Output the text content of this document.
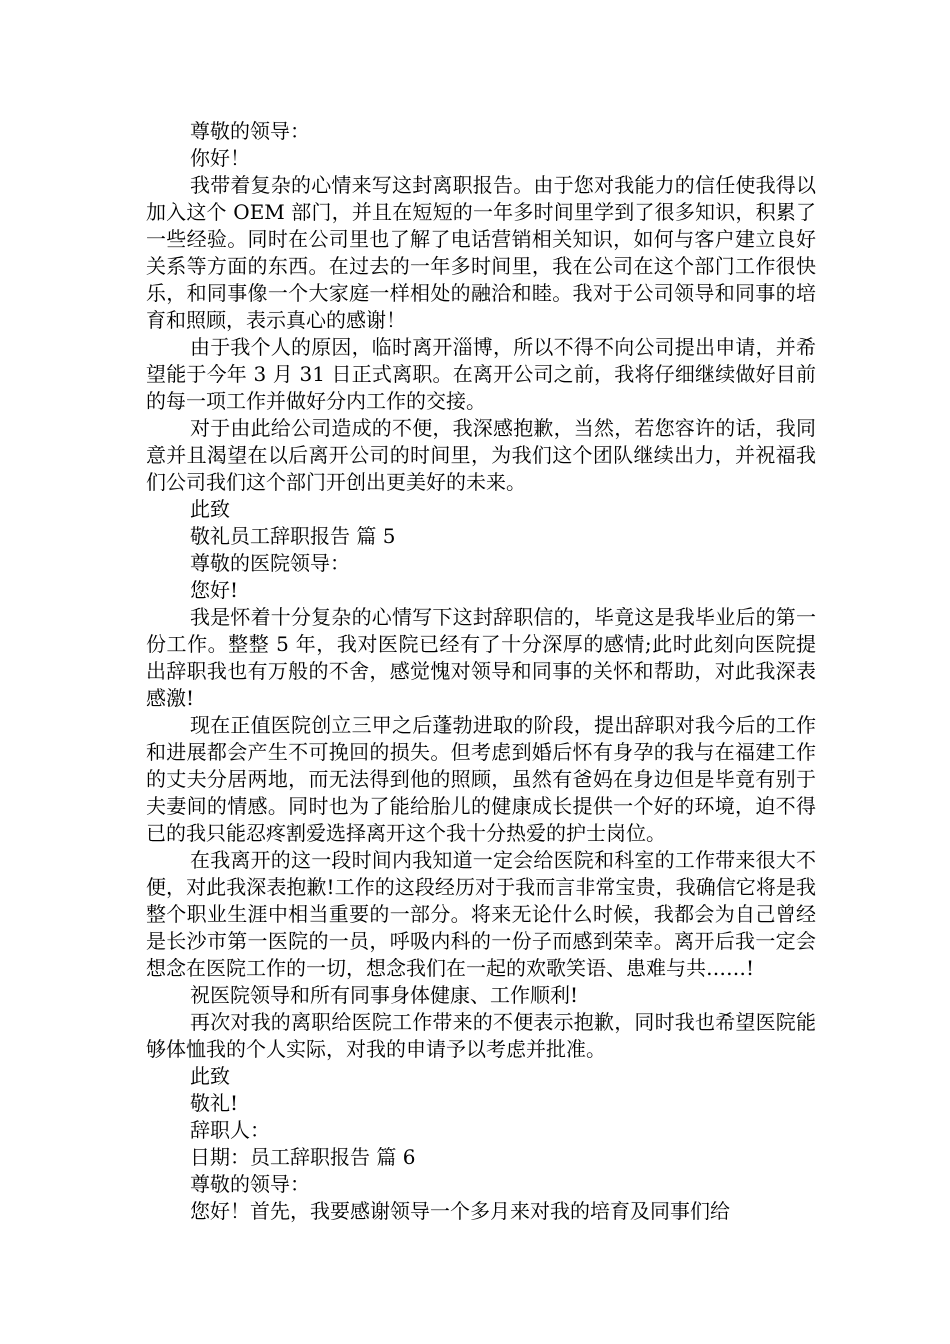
尊敬的领导：

你好！

我带着复杂的心情来写这封离职报告。由于您对我能力的信任使我得以加入这个 OEM 部门，并且在短短的一年多时间里学到了很多知识，积累了一些经验。同时在公司里也了解了电话营销相关知识，如何与客户建立良好关系等方面的东西。在过去的一年多时间里，我在公司在这个部门工作很快乐，和同事像一个大家庭一样相处的融洽和睦。我对于公司领导和同事的培育和照顾，表示真心的感谢！

由于我个人的原因，临时离开淄博，所以不得不向公司提出申请，并希望能于今年 3 月 31 日正式离职。在离开公司之前，我将仔细继续做好目前的每一项工作并做好分内工作的交接。

对于由此给公司造成的不便，我深感抱歉，当然，若您容许的话，我同意并且渴望在以后离开公司的时间里，为我们这个团队继续出力，并祝福我们公司我们这个部门开创出更美好的未来。

此致

敬礼员工辞职报告 篇 5

尊敬的医院领导：

您好!

我是怀着十分复杂的心情写下这封辞职信的，毕竟这是我毕业后的第一份工作。整整 5 年，我对医院已经有了十分深厚的感情;此时此刻向医院提出辞职我也有万般的不舍，感觉愧对领导和同事的关怀和帮助，对此我深表感激!

现在正值医院创立三甲之后蓬勃进取的阶段，提出辞职对我今后的工作和进展都会产生不可挽回的损失。但考虑到婚后怀有身孕的我与在福建工作的丈夫分居两地，而无法得到他的照顾，虽然有爸妈在身边但是毕竟有别于夫妻间的情感。同时也为了能给胎儿的健康成长提供一个好的环境，迫不得已的我只能忍疼割爱选择离开这个我十分热爱的护士岗位。

在我离开的这一段时间内我知道一定会给医院和科室的工作带来很大不便，对此我深表抱歉!工作的这段经历对于我而言非常宝贵，我确信它将是我整个职业生涯中相当重要的一部分。将来无论什么时候，我都会为自己曾经是长沙市第一医院的一员，呼吸内科的一份子而感到荣幸。离开后我一定会想念在医院工作的一切，想念我们在一起的欢歌笑语、患难与共……!

祝医院领导和所有同事身体健康、工作顺利!

再次对我的离职给医院工作带来的不便表示抱歉，同时我也希望医院能够体恤我的个人实际，对我的申请予以考虑并批准。

此致

敬礼!

辞职人：

日期：员工辞职报告 篇 6

尊敬的领导：

您好！首先，我要感谢领导一个多月来对我的培育及同事们给
